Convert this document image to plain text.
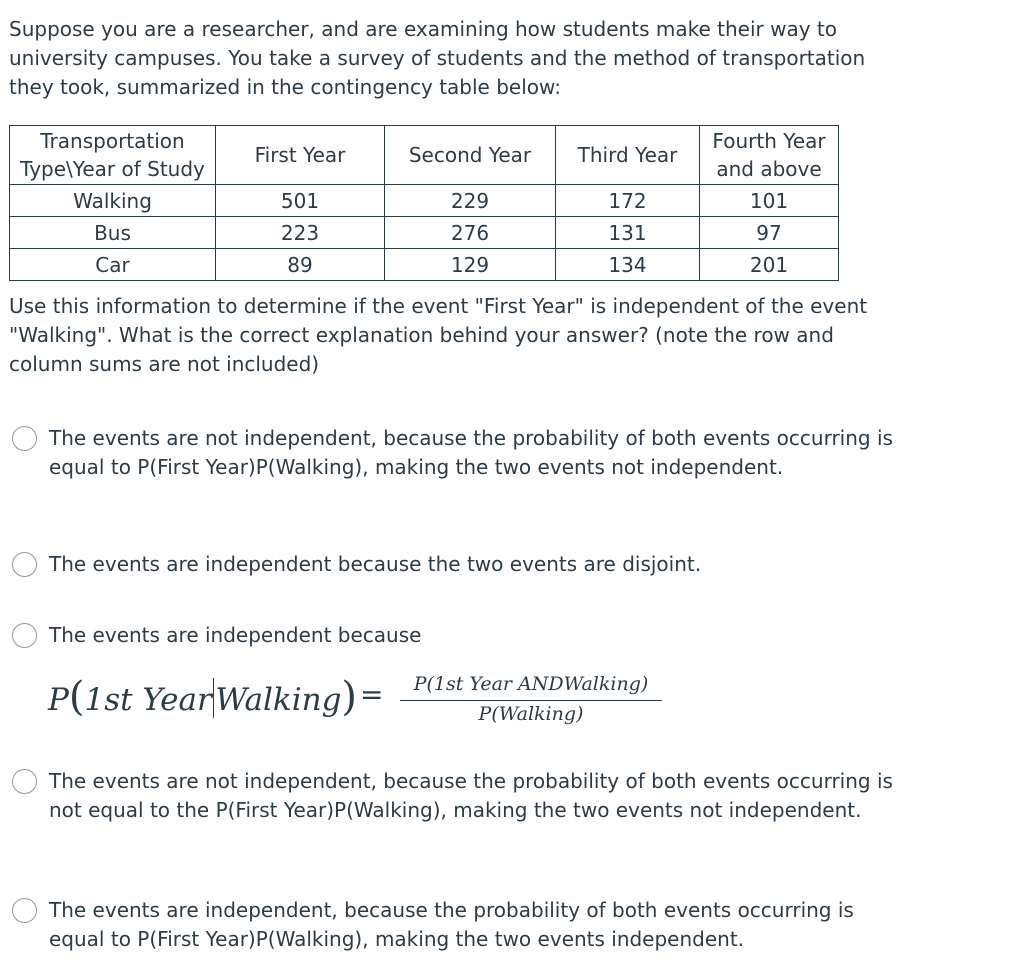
Suppose you are a researcher, and are examining how students make their way to university campuses. You take a survey of students and the method of transportation they took, summarized in the contingency table below:

Transportation Type\Year of Study	First Year	Second Year	Third Year	Fourth Year and above
Walking	501	229	172	101
Bus	223	276	131	97
Car	89	129	134	201

Use this information to determine if the event "First Year" is independent of the event "Walking". What is the correct explanation behind your answer? (note the row and column sums are not included)

The events are not independent, because the probability of both events occurring is equal to P(First Year)P(Walking), making the two events not independent.
The events are independent because the two events are disjoint.
The events are independent because
P(1st Year Walking) =	P(1st Year ANDWalking)
P(Walking)
The events are not independent, because the probability of both events occurring is not equal to the P(First Year)P(Walking), making the two events not independent.
The events are independent, because the probability of both events occurring is equal to P(First Year)P(Walking), making the two events independent.
